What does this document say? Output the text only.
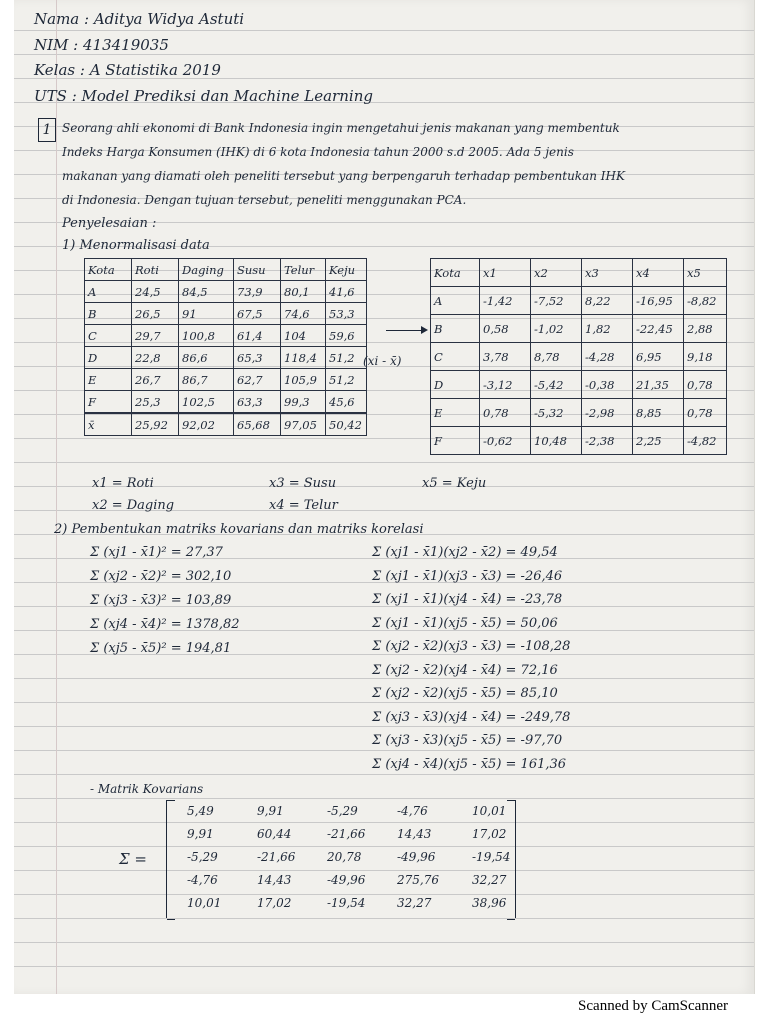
Nama : Aditya Widya Astuti
NIM : 413419035
Kelas : A Statistika 2019
UTS : Model Prediksi dan Machine Learning
1 Seorang ahli ekonomi di Bank Indonesia ingin mengetahui jenis makanan yang membentuk
Indeks Harga Konsumen (IHK) di 6 kota Indonesia tahun 2000 s.d 2005. Ada 5 jenis
makanan yang diamati oleh peneliti tersebut yang berpengaruh terhadap pembentukan IHK
di Indonesia. Dengan tujuan tersebut, peneliti menggunakan PCA.
Penyelesaian :
1) Menormalisasi data
Kota	Roti	Daging	Susu	Telur	Keju
A	24,5	84,5	73,9	80,1	41,6
B	26,5	91	67,5	74,6	53,3
C	29,7	100,8	61,4	104	59,6
D	22,8	86,6	65,3	118,4	51,2
E	26,7	86,7	62,7	105,9	51,2
F	25,3	102,5	63,3	99,3	45,6
x̄	25,92	92,02	65,68	97,05	50,42
(xi - x̄)
Kota	x1	x2	x3	x4	x5
A	-1,42	-7,52	8,22	-16,95	-8,82
B	0,58	-1,02	1,82	-22,45	2,88
C	3,78	8,78	-4,28	6,95	9,18
D	-3,12	-5,42	-0,38	21,35	0,78
E	0,78	-5,32	-2,98	8,85	0,78
F	-0,62	10,48	-2,38	2,25	-4,82
x1 = Roti
x2 = Daging
x3 = Susu
x4 = Telur
x5 = Keju
2) Pembentukan matriks kovarians dan matriks korelasi
Σ (xj1 - x̄1)² = 27,37
Σ (xj2 - x̄2)² = 302,10
Σ (xj3 - x̄3)² = 103,89
Σ (xj4 - x̄4)² = 1378,82
Σ (xj5 - x̄5)² = 194,81
Σ (xj1 - x̄1)(xj2 - x̄2) = 49,54
Σ (xj1 - x̄1)(xj3 - x̄3) = -26,46
Σ (xj1 - x̄1)(xj4 - x̄4) = -23,78
Σ (xj1 - x̄1)(xj5 - x̄5) = 50,06
Σ (xj2 - x̄2)(xj3 - x̄3) = -108,28
Σ (xj2 - x̄2)(xj4 - x̄4) = 72,16
Σ (xj2 - x̄2)(xj5 - x̄5) = 85,10
Σ (xj3 - x̄3)(xj4 - x̄4) = -249,78
Σ (xj3 - x̄3)(xj5 - x̄5) = -97,70
Σ (xj4 - x̄4)(xj5 - x̄5) = 161,36
- Matrik Kovarians
Σ =
5,49	9,91	-5,29	-4,76	10,01
9,91	60,44	-21,66	14,43	17,02
-5,29	-21,66	20,78	-49,96	-19,54
-4,76	14,43	-49,96	275,76	32,27
10,01	17,02	-19,54	32,27	38,96
Scanned by CamScanner
